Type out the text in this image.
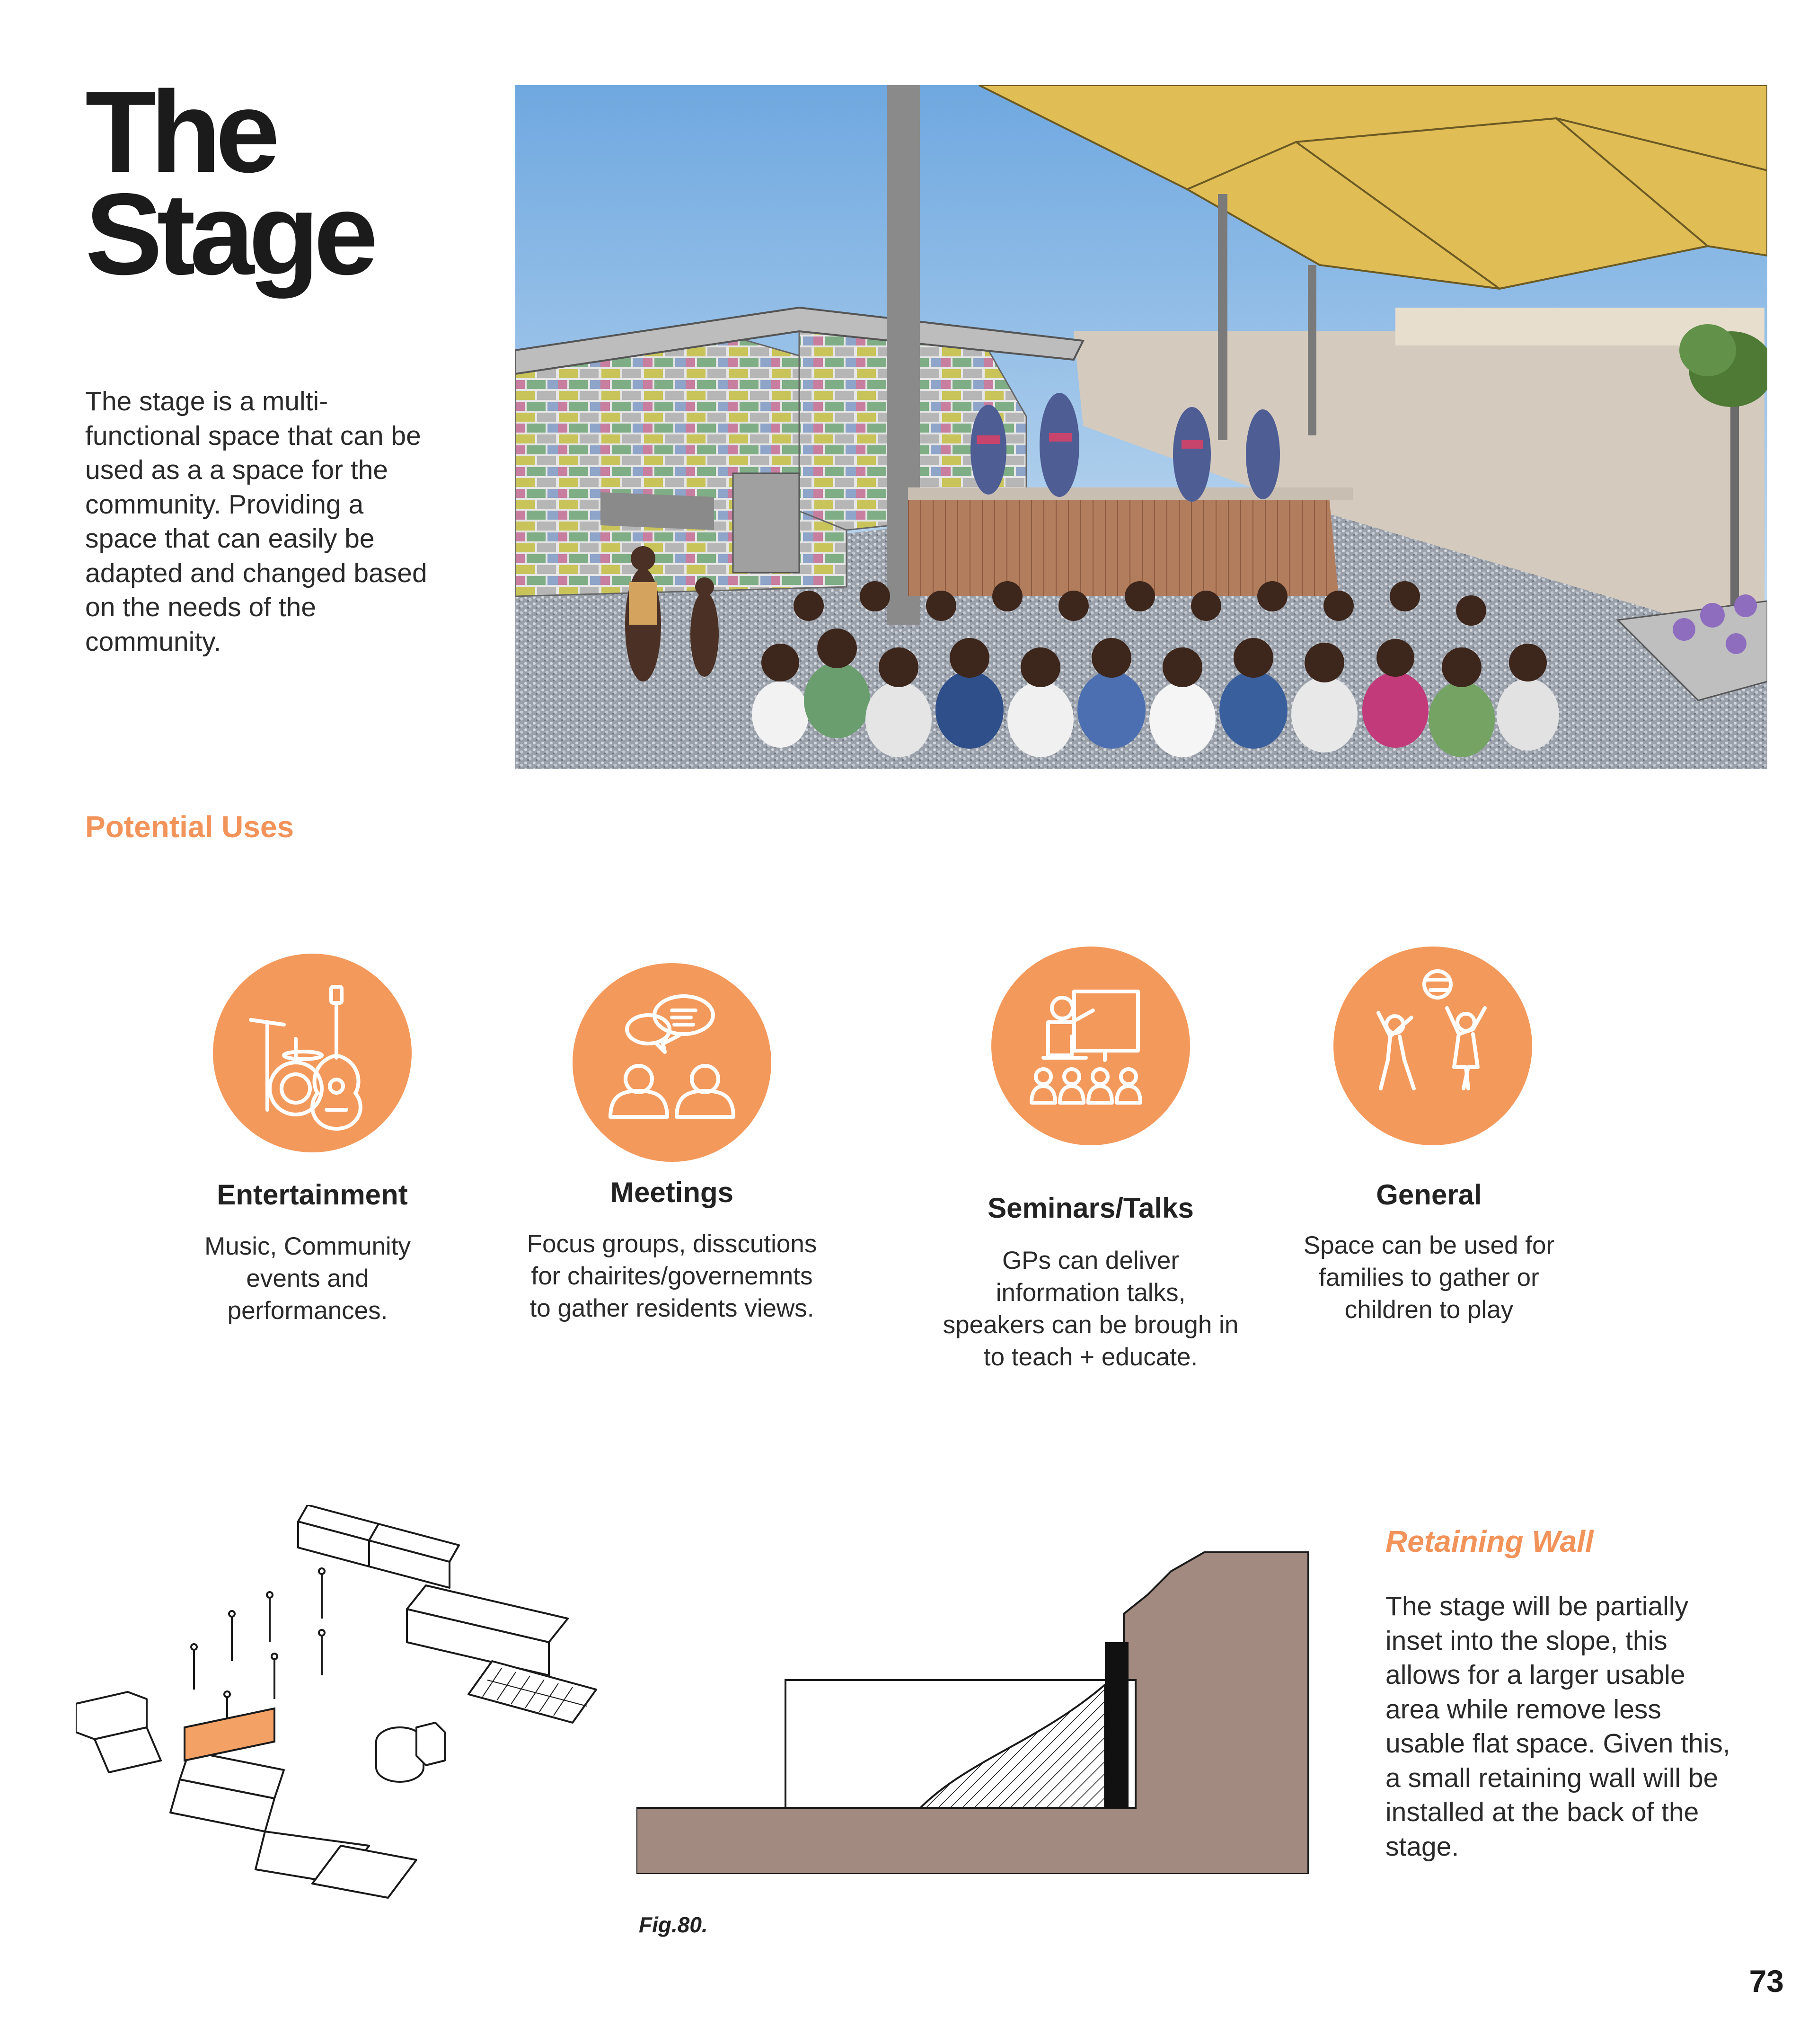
The
Stage

The stage is a multi-functional space that can be used as a a space for the community. Providing a space that can easily be adapted and changed based on the needs of the community.

Potential Uses
Entertainment

Music, Community events and performances.

Meetings

Focus groups, disscutions for chairites/governemnts to gather residents views.

Seminars/Talks

GPs can deliver information talks, speakers can be brough in to teach + educate.

General

Space can be used for families to gather or children to play

Fig.80.

Retaining Wall

The stage will be partially inset into the slope, this allows for a larger usable area while remove less usable flat space. Given this, a small retaining wall will be installed at the back of the stage.

73
